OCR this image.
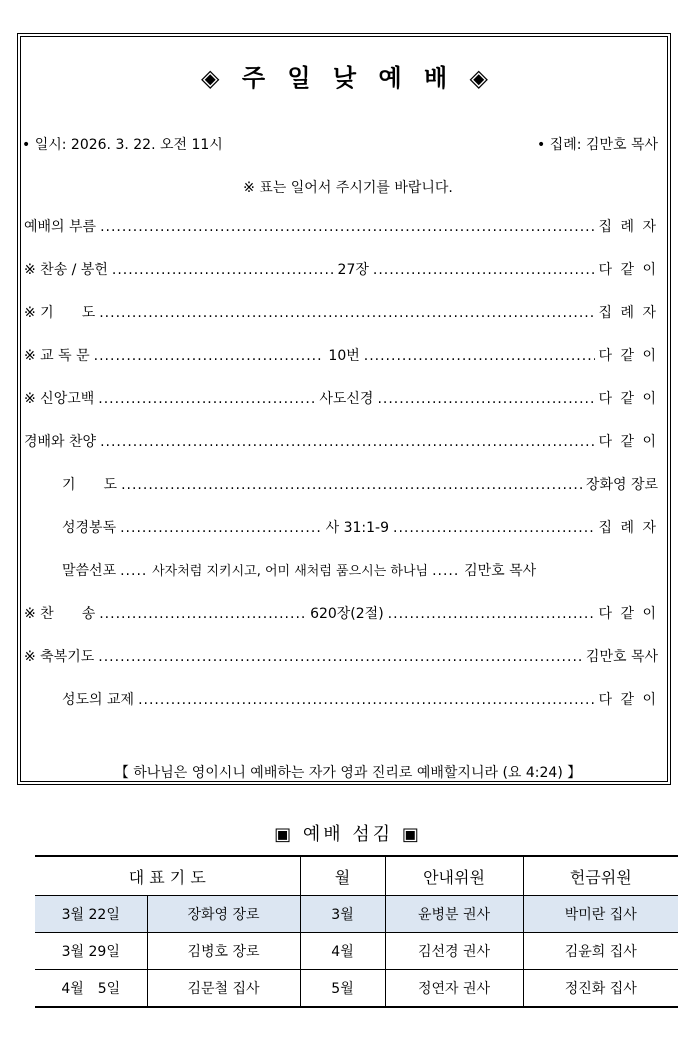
◈ 주 일 낮 예 배 ◈
• 일시: 2026. 3. 22. 오전 11시	• 집례: 김만호 목사
※ 표는 일어서 주시기를 바랍니다.
예배의 부름 .....	집 례 자
※ 찬송 / 봉헌 .....	27장 .....	다 같 이
※ 기　　도 .....	집 례 자
※ 교 독 문 .....	10번 .....	다 같 이
※ 신앙고백 .....	사도신경 .....	다 같 이
경배와 찬양 .....	다 같 이
기　　도 .....	장화영 장로
성경봉독 .....	사 31:1-9 .....	집 례 자
말씀선포 .....	사자처럼 지키시고, 어미 새처럼 품으시는 하나님 .....	김만호 목사
※ 찬　　송 .....	620장(2절) .....	다 같 이
※ 축복기도 .....	김만호 목사
성도의 교제 .....	다 같 이
【 하나님은 영이시니 예배하는 자가 영과 진리로 예배할지니라 (요 4:24) 】
▣ 예배 섬김 ▣
대 표 기 도		월	안내위원	헌금위원
3월 22일	장화영 장로	3월	윤병분 권사	박미란 집사
3월 29일	김병호 장로	4월	김선경 권사	김윤희 집사
4월　5일	김문철 집사	5월	정연자 권사	정진화 집사
